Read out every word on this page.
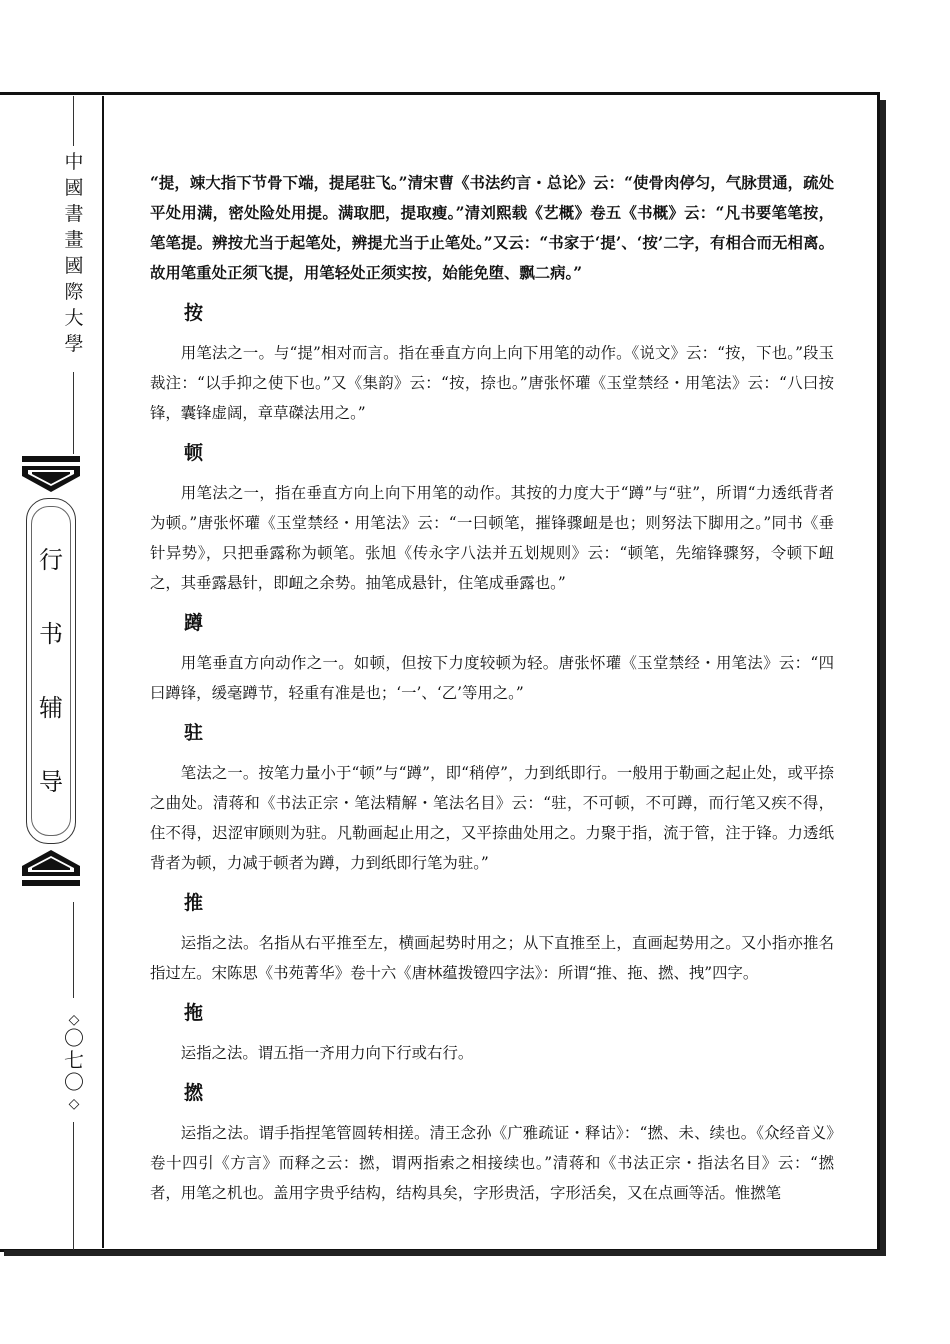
中
國
書
畫
國
際
大
學
行
书
辅
导
◇
〇
七
〇
◇

“提，竦大指下节骨下端，提尾驻飞。”清宋曹《书法约言・总论》云：“使骨肉停匀，气脉贯通，疏处平处用满，密处险处用提。满取肥，提取瘦。”清刘熙载《艺概》卷五《书概》云：“凡书要笔笔按，笔笔提。辨按尤当于起笔处，辨提尤当于止笔处。”又云：“书家于‘提’、‘按’二字，有相合而无相离。故用笔重处正须飞提，用笔轻处正须实按，始能免堕、飘二病。”

按

用笔法之一。与“提”相对而言。指在垂直方向上向下用笔的动作。《说文》云：“按，下也。”段玉裁注：“以手抑之使下也。”又《集韵》云：“按，捺也。”唐张怀瓘《玉堂禁经・用笔法》云：“八曰按锋，囊锋虚阔，章草磔法用之。”

顿

用笔法之一，指在垂直方向上向下用笔的动作。其按的力度大于“蹲”与“驻”，所谓“力透纸背者为顿。”唐张怀瓘《玉堂禁经・用笔法》云：“一曰顿笔，摧锋骤衄是也；则努法下脚用之。”同书《垂针异势》，只把垂露称为顿笔。张旭《传永字八法并五划规则》云：“顿笔，先缩锋骤努，令顿下衄之，其垂露悬针，即衄之余势。抽笔成悬针，住笔成垂露也。”

蹲

用笔垂直方向动作之一。如顿，但按下力度较顿为轻。唐张怀瓘《玉堂禁经・用笔法》云：“四曰蹲锋，缓毫蹲节，轻重有准是也；‘一’、‘乙’等用之。”

驻

笔法之一。按笔力量小于“顿”与“蹲”，即“稍停”，力到纸即行。一般用于勒画之起止处，或平捺之曲处。清蒋和《书法正宗・笔法精解・笔法名目》云：“驻，不可顿，不可蹲，而行笔又疾不得，住不得，迟涩审顾则为驻。凡勒画起止用之，又平捺曲处用之。力聚于指，流于管，注于锋。力透纸背者为顿，力减于顿者为蹲，力到纸即行笔为驻。”

推

运指之法。名指从右平推至左，横画起势时用之；从下直推至上，直画起势用之。又小指亦推名指过左。宋陈思《书苑菁华》卷十六《唐林蕴拨镫四字法》：所谓“推、拖、撚、拽”四字。

拖

运指之法。谓五指一齐用力向下行或右行。

撚

运指之法。谓手指捏笔管圆转相搓。清王念孙《广雅疏证・释诂》：“撚、未、续也。《众经音义》卷十四引《方言》而释之云：撚，谓两指索之相接续也。”清蒋和《书法正宗・指法名目》云：“撚者，用笔之机也。盖用字贵乎结构，结构具矣，字形贵活，字形活矣，又在点画等活。惟撚笔
